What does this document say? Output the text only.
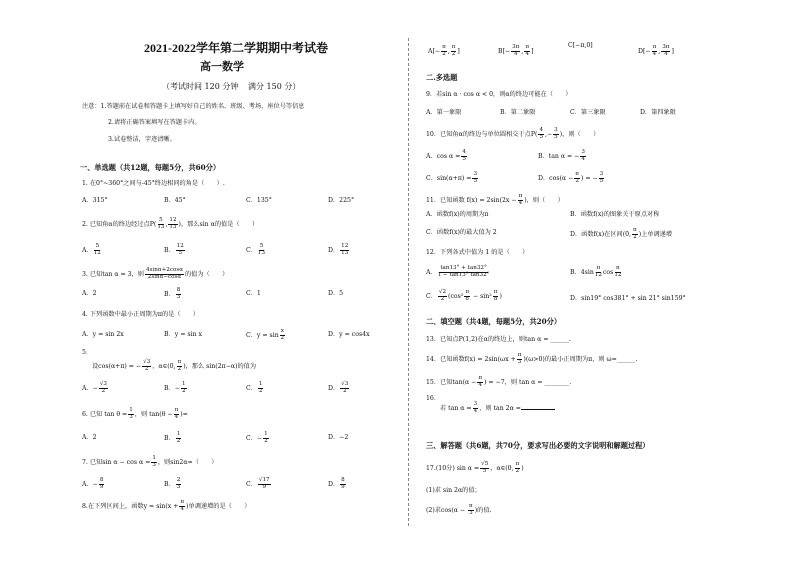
2021-2022学年第二学期期中考试卷
高一数学
（考试时间 120 分钟 满分 150 分）
注意：1.答题前在试卷和答题卡上填写好自己的姓名、班级、考场、座位号等信息
2.请将正确答案填写在答题卡内。
3.试卷整洁，字迹清晰。
一、单选题（共12题，每题5分，共60分）
1. 在0°~360°之间与-45°终边相同的角是（　　）.
A．315°	B．45°	C．135°	D．225°
2. 已知角α的终边经过点$P( \frac{5}{13}$ , $\frac{12}{13}$ )，那么sin α的值是（　　）
A． $\frac{5}{12}$	B． $\frac{12}{5}$	C． $\frac{5}{13}$	D． $\frac{12}{13}$
3. 已知tan α = 3，则 $\frac{4\sin\alpha+2\cos\alpha}{2\sin\alpha-\cos\alpha}$ 的值为（　　）
A．2	B． $\frac{8}{3}$	C．1	D．5
4. 下列函数中最小正周期为π的是（　　）
A．y = sin 2x	B．y = sin x	C．$y = \sin \frac{x}{2}$	D．y = cos4x
5．
设cos(α+π) = − $\frac{√3}{2}$ ，α∈(0, $\frac{\pi}{2}$ )，那么 sin(2π−α)的值为
A．− $\frac{√3}{2}$	B．− $\frac{1}{2}$	C． $\frac{1}{2}$	D． $\frac{√3}{2}$
6. 已知 $\tan \theta = \frac{1}{3}$ ，则 $\tan(\theta - \frac{\pi}{4}$ )=
A．2	B． $\frac{1}{2}$	C．− $\frac{1}{2}$	D．−2
7. 已知$\sin \alpha - \cos \alpha = \frac{1}{3}$ ，则sin2α=（　　）
A．− $\frac{8}{9}$	B． $\frac{2}{3}$	C． $\frac{√17}{9}$	D． $\frac{8}{9}$
8.在下列区间上，函数$y = \sin(x + \frac{\pi}{4}$ )单调递增的是（　　）
$A[- \frac{\pi}{2}$ , $\frac{\pi}{2}$ ]	$B[- \frac{3\pi}{4}$ , $\frac{\pi}{4}$ ]
C[−π,0]
$D[- \frac{\pi}{4}$ , $\frac{3\pi}{4}$ ]
二.多选题
9．若sin α · cos α < 0，则α的终边可能在（　　）
A．第一象限	B．第二象限	C．第三象限	D．第四象限
10．已知角α的终边与单位圆相交于点$P( \frac{4}{5}$ ,− $\frac{3}{5}$ )，则（　　）
A．$\cos \alpha = \frac{4}{5}$	B．tan α = − $\frac{3}{4}$
C．$\sin(\alpha+\pi) = \frac{3}{5}$	D．$\cos(\alpha - \frac{\pi}{2}$ ) = − $\frac{3}{5}$
11．已知函数 $f(x) = 2\sin(2x - \frac{\pi}{4}$ )，则（　　）
A．函数f(x)的周期为π	B．函数f(x)的图象关于原点对称
C．函数f(x)的最大值为 2	D．函数f(x)在区间(0, $\frac{\pi}{2}$ )上单调递增
12．下列各式中值为 1 的是（　　）
A． $\frac{\tan 13^\circ + \tan 32^\circ}{1 - \tan 13^\circ \tan 32^\circ}$	B．$4\sin \frac{\pi}{12}$ $\cos \frac{\pi}{12}$
C． $\frac{√2}{2} (\cos^2 \frac{\pi}{8} - \sin^2 \frac{\pi}{8}$ )	D．sin19° cos381° + sin 21° sin159°
二、填空题（共4题，每题5分，共20分）
13．已知点P(1,2)在α的终边上，则tan α = ______.
14．已知函数$f(x) = 2\sin(\omega x + \frac{\pi}{3} )(\omega>0)$的最小正周期为π，则 ω=______.
15．已知$\tan(\alpha - \frac{\pi}{4}$ ) = −7，则 tan α = ________.
16．
若 $\tan \alpha = \frac{3}{4}$ ，则 tan 2α =
三、解答题（共6题，共70分，要求写出必要的文字说明和解题过程）
17.(10分) $\sin \alpha = \frac{√5}{5}$ ，α∈(0, $\frac{\pi}{2}$ )
(1)求 sin 2α的值；
(2)求$\cos(\alpha - \frac{\pi}{3}$ )的值.
